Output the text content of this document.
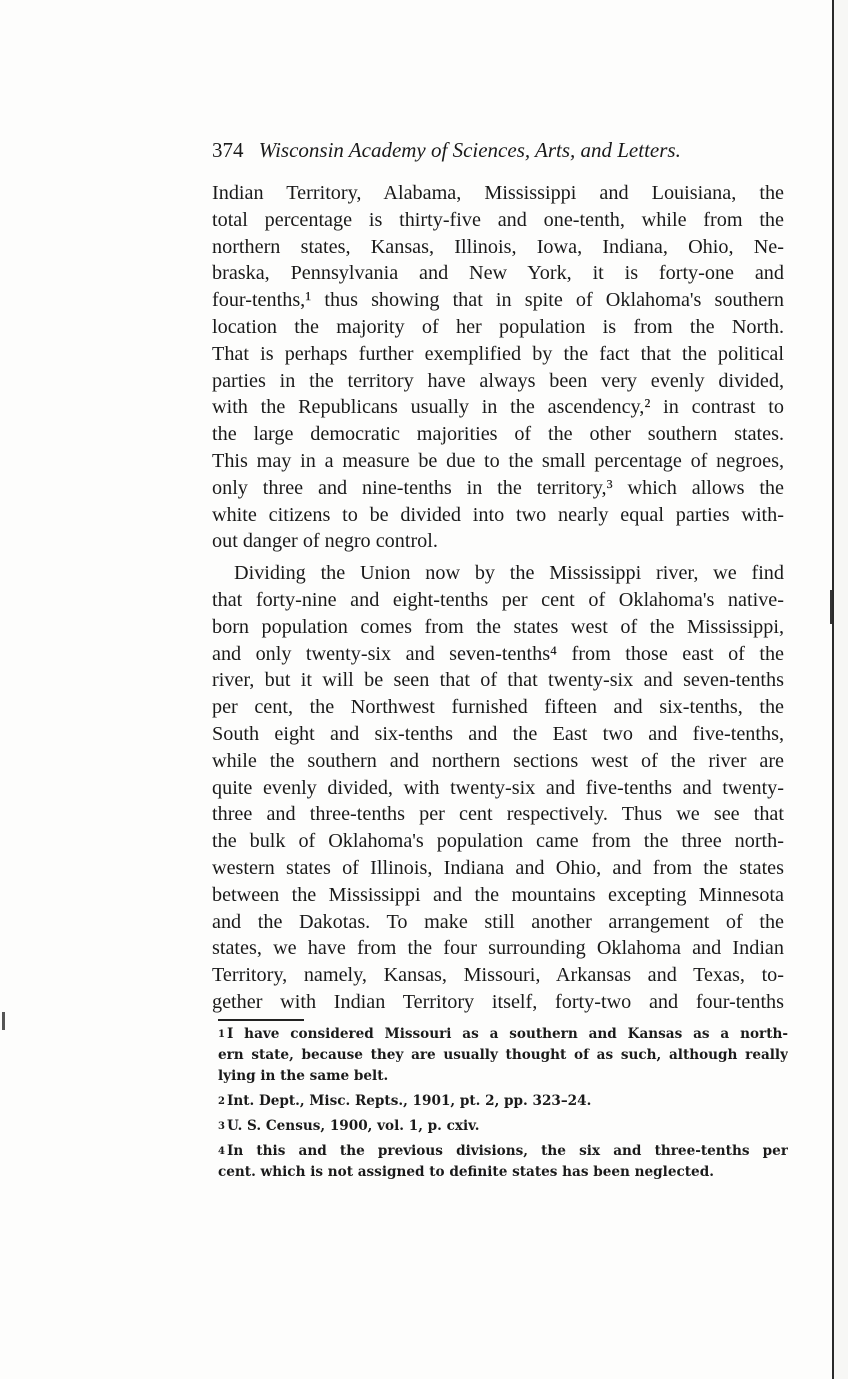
374 Wisconsin Academy of Sciences, Arts, and Letters.
Indian Territory, Alabama, Mississippi and Louisiana, the
total percentage is thirty-five and one-tenth, while from the
northern states, Kansas, Illinois, Iowa, Indiana, Ohio, Ne-
braska, Pennsylvania and New York, it is forty-one and
four-tenths,¹ thus showing that in spite of Oklahoma's southern
location the majority of her population is from the North.
That is perhaps further exemplified by the fact that the political
parties in the territory have always been very evenly divided,
with the Republicans usually in the ascendency,² in contrast to
the large democratic majorities of the other southern states.
This may in a measure be due to the small percentage of negroes,
only three and nine-tenths in the territory,³ which allows the
white citizens to be divided into two nearly equal parties with-
out danger of negro control.
Dividing the Union now by the Mississippi river, we find
that forty-nine and eight-tenths per cent of Oklahoma's native-
born population comes from the states west of the Mississippi,
and only twenty-six and seven-tenths⁴ from those east of the
river, but it will be seen that of that twenty-six and seven-tenths
per cent, the Northwest furnished fifteen and six-tenths, the
South eight and six-tenths and the East two and five-tenths,
while the southern and northern sections west of the river are
quite evenly divided, with twenty-six and five-tenths and twenty-
three and three-tenths per cent respectively. Thus we see that
the bulk of Oklahoma's population came from the three north-
western states of Illinois, Indiana and Ohio, and from the states
between the Mississippi and the mountains excepting Minnesota
and the Dakotas. To make still another arrangement of the
states, we have from the four surrounding Oklahoma and Indian
Territory, namely, Kansas, Missouri, Arkansas and Texas, to-
gether with Indian Territory itself, forty-two and four-tenths
1 I have considered Missouri as a southern and Kansas as a north-
ern state, because they are usually thought of as such, although really
lying in the same belt.
2 Int. Dept., Misc. Repts., 1901, pt. 2, pp. 323–24.
3 U. S. Census, 1900, vol. 1, p. cxiv.
4 In this and the previous divisions, the six and three-tenths per
cent. which is not assigned to definite states has been neglected.
